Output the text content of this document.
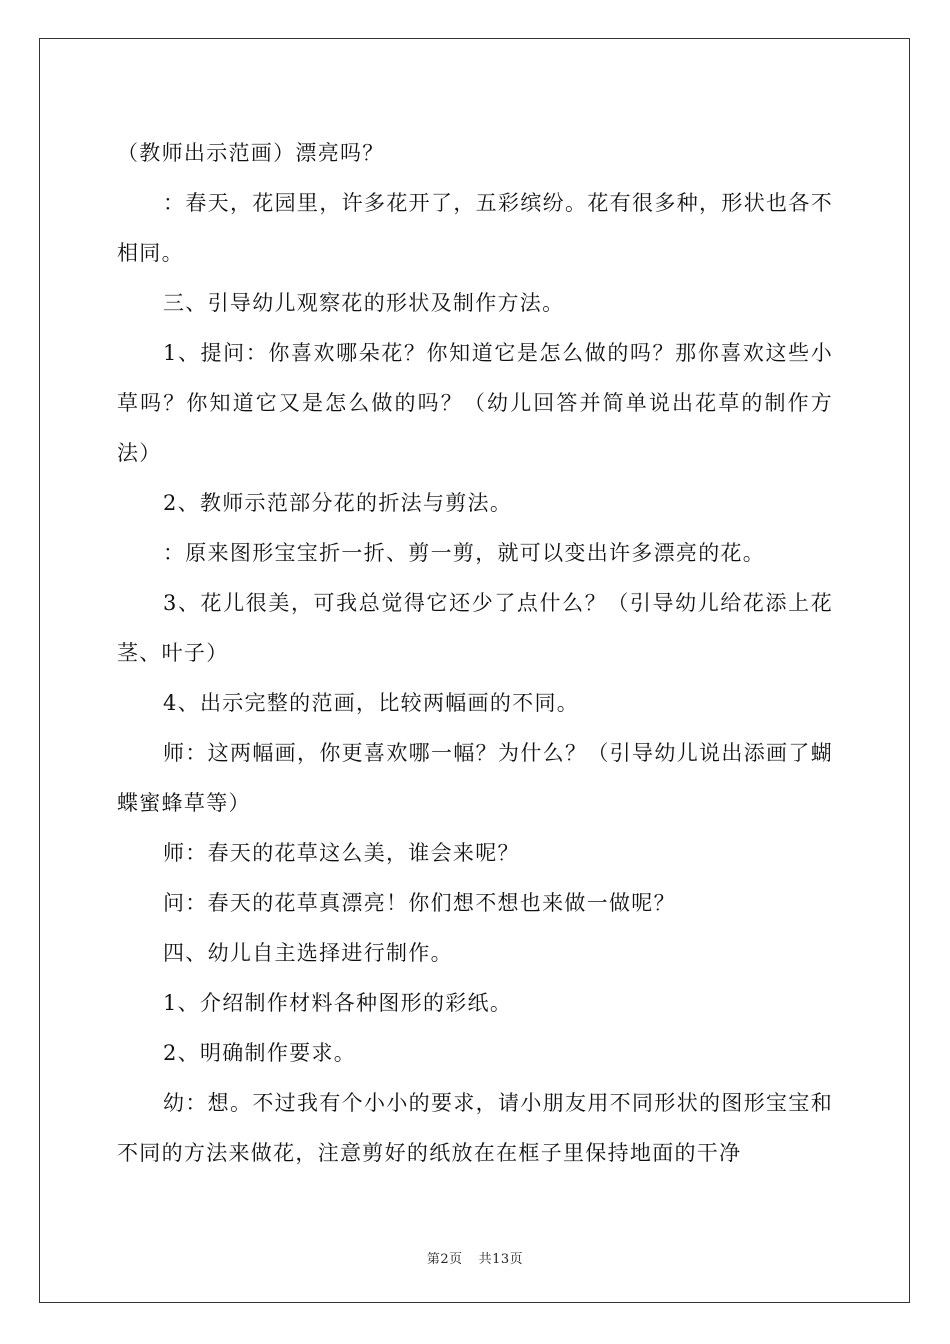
（教师出示范画）漂亮吗？

：春天，花园里，许多花开了，五彩缤纷。花有很多种，形状也各不相同。

三、引导幼儿观察花的形状及制作方法。

1、提问：你喜欢哪朵花？你知道它是怎么做的吗？那你喜欢这些小草吗？你知道它又是怎么做的吗？（幼儿回答并简单说出花草的制作方法）

2、教师示范部分花的折法与剪法。

：原来图形宝宝折一折、剪一剪，就可以变出许多漂亮的花。

3、花儿很美，可我总觉得它还少了点什么？（引导幼儿给花添上花茎、叶子）

4、出示完整的范画，比较两幅画的不同。

师：这两幅画，你更喜欢哪一幅？为什么？（引导幼儿说出添画了蝴蝶蜜蜂草等）

师：春天的花草这么美，谁会来呢？

问：春天的花草真漂亮！你们想不想也来做一做呢？

四、幼儿自主选择进行制作。

1、介绍制作材料各种图形的彩纸。

2、明确制作要求。

幼：想。不过我有个小小的要求，请小朋友用不同形状的图形宝宝和不同的方法来做花，注意剪好的纸放在在框子里保持地面的干净

第2页 共13页
